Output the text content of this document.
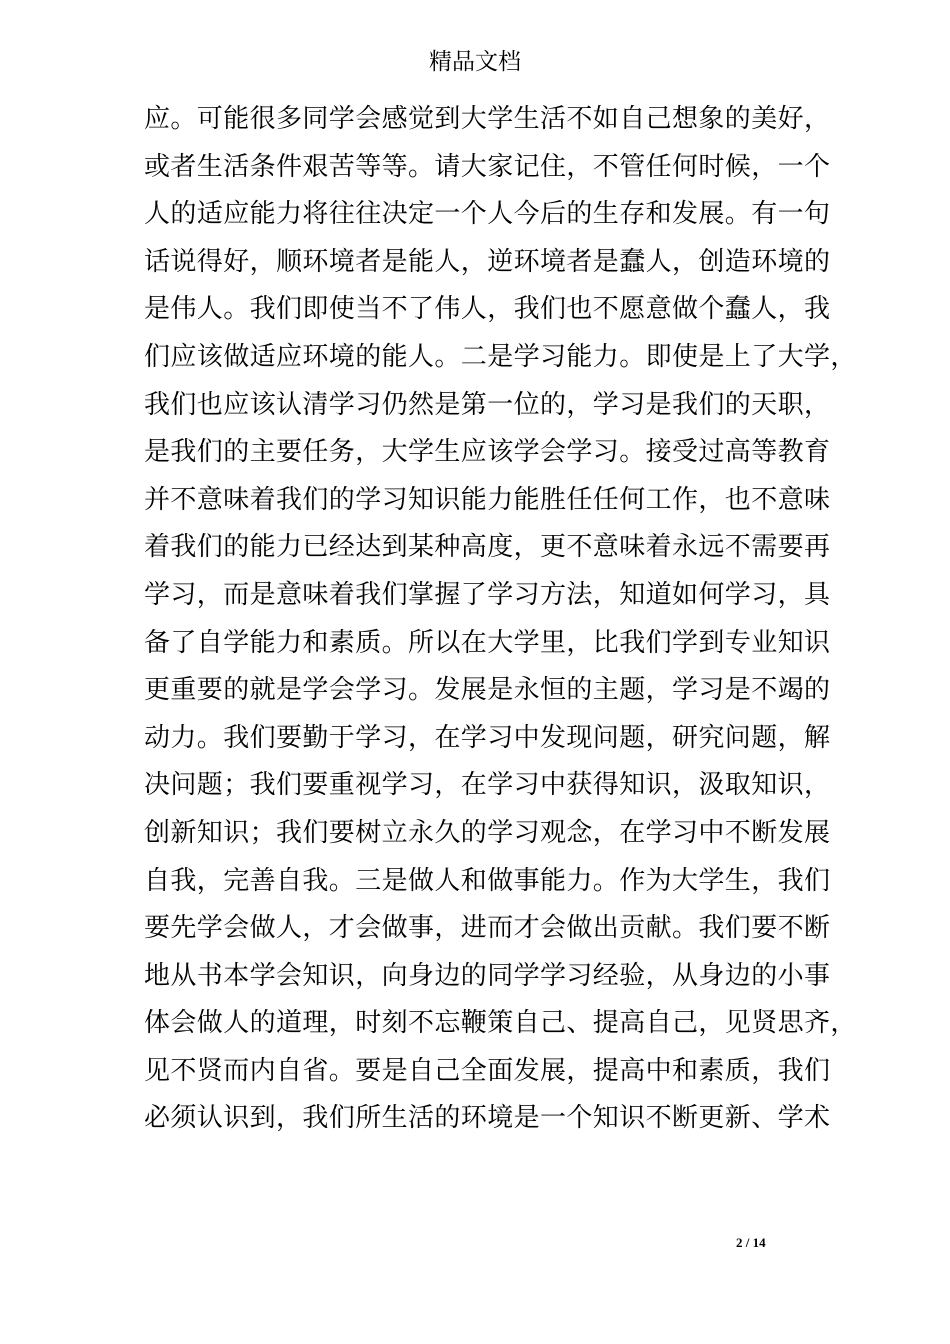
精品文档
应。可能很多同学会感觉到大学生活不如自己想象的美好，
或者生活条件艰苦等等。请大家记住，不管任何时候，一个
人的适应能力将往往决定一个人今后的生存和发展。有一句
话说得好，顺环境者是能人，逆环境者是蠢人，创造环境的
是伟人。我们即使当不了伟人，我们也不愿意做个蠢人，我
们应该做适应环境的能人。二是学习能力。即使是上了大学，
我们也应该认清学习仍然是第一位的，学习是我们的天职，
是我们的主要任务，大学生应该学会学习。接受过高等教育
并不意味着我们的学习知识能力能胜任任何工作，也不意味
着我们的能力已经达到某种高度，更不意味着永远不需要再
学习，而是意味着我们掌握了学习方法，知道如何学习，具
备了自学能力和素质。所以在大学里，比我们学到专业知识
更重要的就是学会学习。发展是永恒的主题，学习是不竭的
动力。我们要勤于学习，在学习中发现问题，研究问题，解
决问题；我们要重视学习，在学习中获得知识，汲取知识，
创新知识；我们要树立永久的学习观念，在学习中不断发展
自我，完善自我。三是做人和做事能力。作为大学生，我们
要先学会做人，才会做事，进而才会做出贡献。我们要不断
地从书本学会知识，向身边的同学学习经验，从身边的小事
体会做人的道理，时刻不忘鞭策自己、提高自己，见贤思齐，
见不贤而内自省。要是自己全面发展，提高中和素质，我们
必须认识到，我们所生活的环境是一个知识不断更新、学术
2 / 14
